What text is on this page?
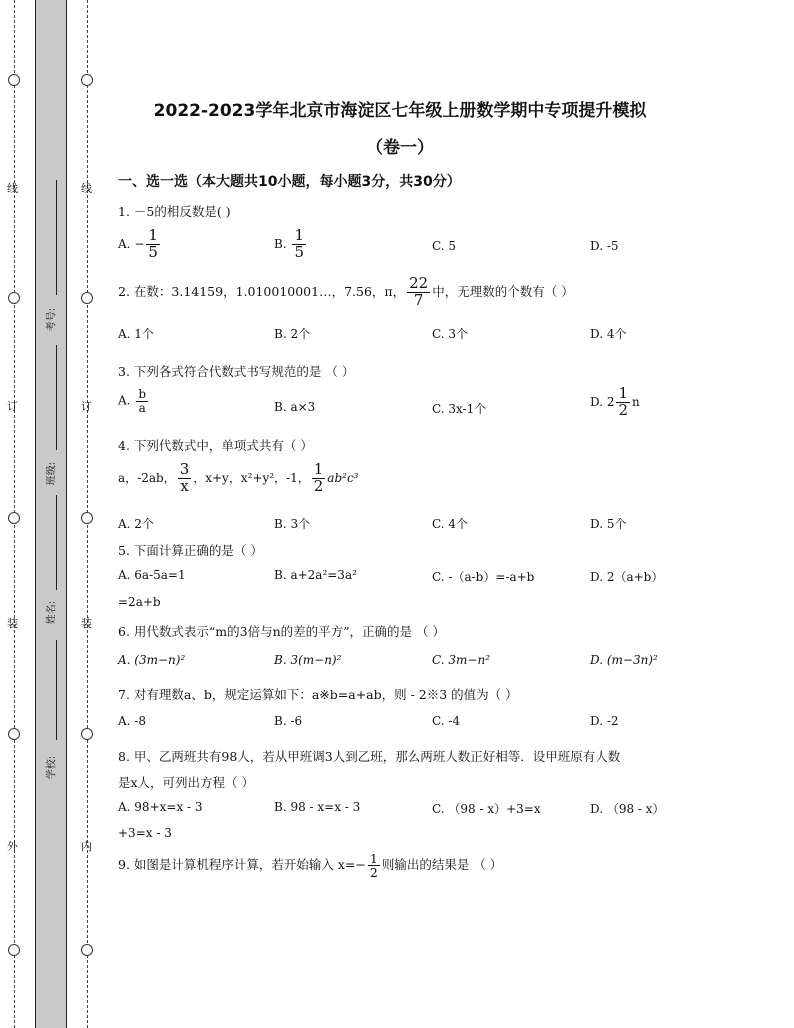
线
订
装
外
线
订
装
内
考号:
班级:
姓名:
学校:
2022-2023学年北京市海淀区七年级上册数学期中专项提升模拟
（卷一）
一、选一选（本大题共10小题，每小题3分，共30分）
1. －5的相反数是( )
A. − $\frac{1}{5}$	B. $\frac{1}{5}$	C. 5	D. -5
2. 在数：3.14159，1.010010001…，7.56，π， $\frac{22}{7}$ 中，无理数的个数有（ ）
A. 1个	B. 2个	C. 3个	D. 4个
3. 下列各式符合代数式书写规范的是 （ ）
A. $\frac{b}{a}$	B. a×3	C. 3x-1个
D. $2 \frac{1}{2}$ n
4. 下列代数式中，单项式共有（ ）
a，-2ab， $\frac{3}{x}$ ，x+y，x²+y²，-1， $\frac{1}{2} ab^2c^3$
A. 2个	B. 3个	C. 4个	D. 5个
5. 下面计算正确的是（ ）
A. 6a-5a=1	B. a+2a²=3a²	C. -（a-b）=-a+b	D. 2（a+b）
=2a+b
6. 用代数式表示“m的3倍与n的差的平方”，正确的是 （ ）
A. (3m−n)²	B. 3(m−n)²	C. 3m−n²	D. (m−3n)²
7. 对有理数a、b，规定运算如下：a※b=a+ab，则 - 2※3 的值为（ ）
A. -8	B. -6	C. -4	D. -2
8. 甲、乙两班共有98人，若从甲班调3人到乙班，那么两班人数正好相等．设甲班原有人数
是x人，可列出方程（ ）
A. 98+x=x - 3	B. 98 - x=x - 3	C. （98 - x）+3=x	D. （98 - x）
+3=x - 3
9. 如图是计算机程序计算，若开始输入 $x=- \frac{1}{2}$ 则输出的结果是 （ ）
